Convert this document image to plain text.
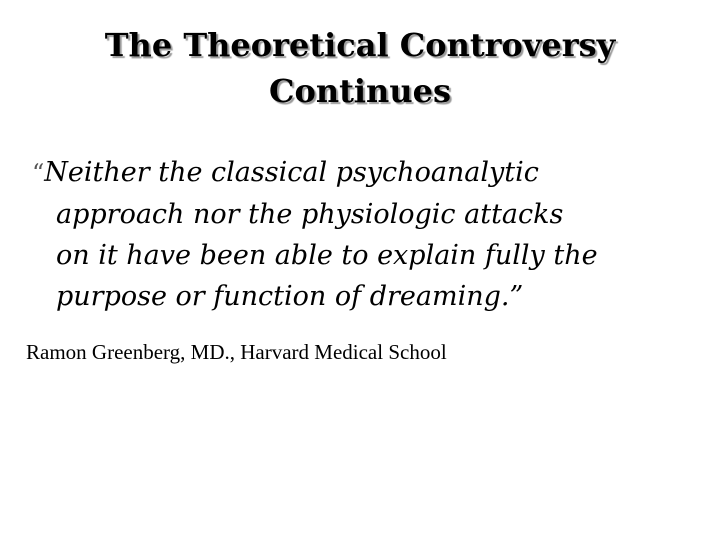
The Theoretical Controversy
Continues
“Neither the classical psychoanalytic
approach nor the physiologic attacks
on it have been able to explain fully the
purpose or function of dreaming.”
Ramon Greenberg, MD., Harvard Medical School
